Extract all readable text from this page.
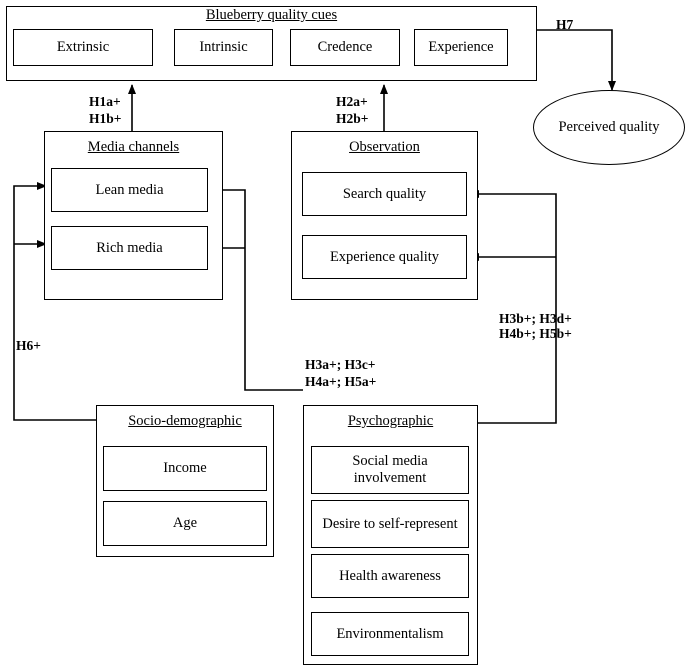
Blueberry quality cues
Extrinsic	Intrinsic	Credence	Experience
Perceived quality
Media channels
Lean media
Rich media
Observation
Search quality
Experience quality
Socio-demographic
Income
Age
Psychographic
Social media involvement
Desire to self-represent
Health awareness
Environmentalism
H1a+
H1b+
H2a+
H2b+
H7
H3b+; H3d+
H4b+; H5b+
H3a+; H3c+
H4a+; H5a+
H6+
